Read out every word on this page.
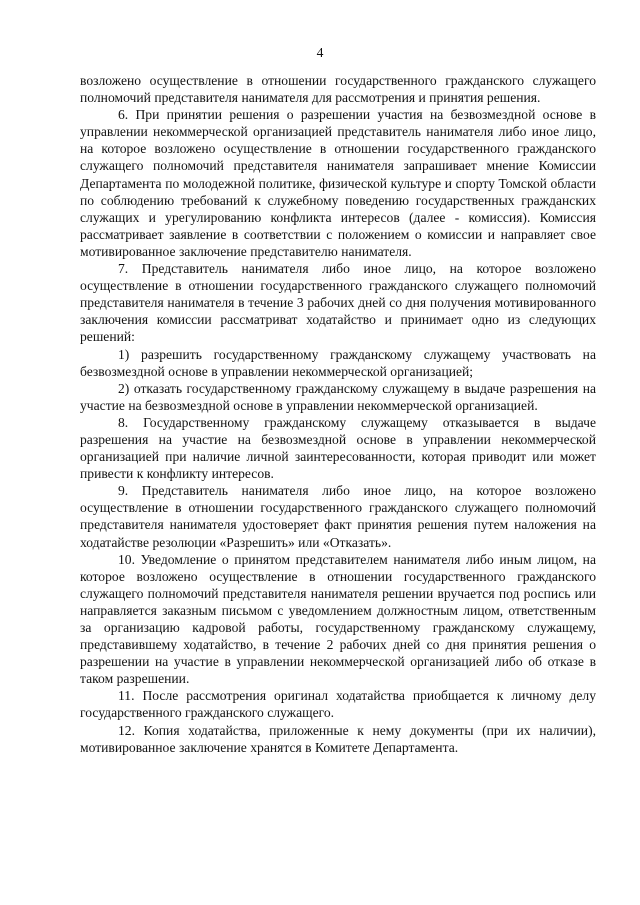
4

возложено осуществление в отношении государственного гражданского служащего полномочий представителя нанимателя для рассмотрения и принятия решения.

6. При принятии решения о разрешении участия на безвозмездной основе в управлении некоммерческой организацией представитель нанимателя либо иное лицо, на которое возложено осуществление в отношении государственного гражданского служащего полномочий представителя нанимателя запрашивает мнение Комиссии Департамента по молодежной политике, физической культуре и спорту Томской области по соблюдению требований к служебному поведению государственных гражданских служащих и урегулированию конфликта интересов (далее - комиссия). Комиссия рассматривает заявление в соответствии с положением о комиссии и направляет свое мотивированное заключение представителю нанимателя.

7. Представитель нанимателя либо иное лицо, на которое возложено осуществление в отношении государственного гражданского служащего полномочий представителя нанимателя в течение 3 рабочих дней со дня получения мотивированного заключения комиссии рассматриват ходатайство и принимает одно из следующих решений:

1) разрешить государственному гражданскому служащему участвовать на безвозмездной основе в управлении некоммерческой организацией;

2) отказать государственному гражданскому служащему в выдаче разрешения на участие на безвозмездной основе в управлении некоммерческой организацией.

8. Государственному гражданскому служащему отказывается в выдаче разрешения на участие на безвозмездной основе в управлении некоммерческой организацией при наличие личной заинтересованности, которая приводит или может привести к конфликту интересов.

9. Представитель нанимателя либо иное лицо, на которое возложено осуществление в отношении государственного гражданского служащего полномочий представителя нанимателя удостоверяет факт принятия решения путем наложения на ходатайстве резолюции «Разрешить» или «Отказать».

10. Уведомление о принятом представителем нанимателя либо иным лицом, на которое возложено осуществление в отношении государственного гражданского служащего полномочий представителя нанимателя решении вручается под роспись или направляется заказным письмом с уведомлением должностным лицом, ответственным за организацию кадровой работы, государственному гражданскому служащему, представившему ходатайство, в течение 2 рабочих дней со дня принятия решения о разрешении на участие в управлении некоммерческой организацией либо об отказе в таком разрешении.

11. После рассмотрения оригинал ходатайства приобщается к личному делу государственного гражданского служащего.

12. Копия ходатайства, приложенные к нему документы (при их наличии), мотивированное заключение хранятся в Комитете Департамента.
